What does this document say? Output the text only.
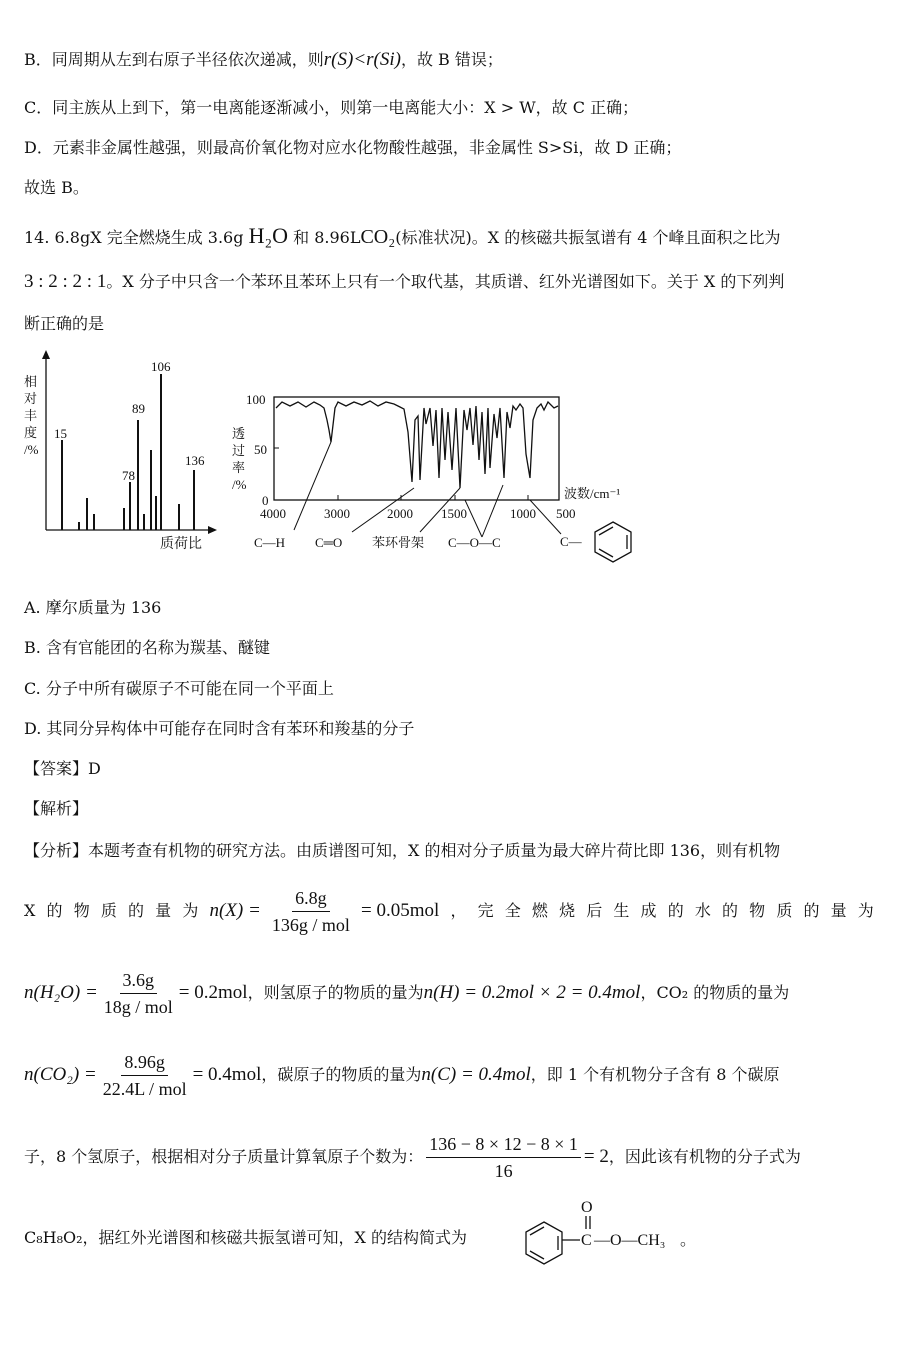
B．同周期从左到右原子半径依次递减，则r(S)<r(Si)，故 B 错误；
C．同主族从上到下，第一电离能逐渐减小，则第一电离能大小：X > W，故 C 正确；
D．元素非金属性越强，则最高价氧化物对应水化物酸性越强，非金属性 S>Si，故 D 正确；
故选 B。
14. 6.8gX 完全燃烧生成 3.6g H₂O 和 8.96LCO₂(标准状况)。X 的核磁共振氢谱有 4 个峰且面积之比为
3 : 2 : 2 : 1。X 分子中只含一个苯环且苯环上只有一个取代基，其质谱、红外光谱图如下。关于 X 的下列判
断正确的是
相
对
丰
度
/%
15
78
89
106
136
质荷比
透
过
率
/%
100
50
0
4000	3000	2000 1500	1000 500
波数/cm⁻¹
C—H C═O 苯环骨架 C—O—C	C—
A. 摩尔质量为 136
B. 含有官能团的名称为羰基、醚键
C. 分子中所有碳原子不可能在同一个平面上
D. 其同分异构体中可能存在同时含有苯环和羧基的分子
【答案】D
【解析】
【分析】本题考查有机物的研究方法。由质谱图可知，X 的相对分子质量为最大碎片荷比即 136，则有机物
X 的 物 质 的 量 为 $n(X) = \frac{6.8g}{\text{136g / mol}} = 0.05mol$ ， 完 全 燃 烧 后 生 成 的 水 的 物 质 的 量 为
$n(H_2O) = \frac{3.6g}{\text{18g / mol}} = 0.2mol$ ，则氢原子的物质的量为 n(H) = 0.2mol × 2 = 0.4mol ，CO₂ 的物质的量为
$n(CO_2) = \frac{8.96g}{\text{22.4L / mol}} = 0.4mol$ ，碳原子的物质的量为 n(C) = 0.4mol ，即 1 个有机物分子含有 8 个碳原
子，8 个氢原子，根据相对分子质量计算氧原子个数为： $\frac{136 - 8 \times 12 - 8 \times 1}{16} = 2$ ，因此该有机物的分子式为
C₈H₈O₂，据红外光谱图和核磁共振氢谱可知，X 的结构简式为
O
C —O—CH₃ 。
